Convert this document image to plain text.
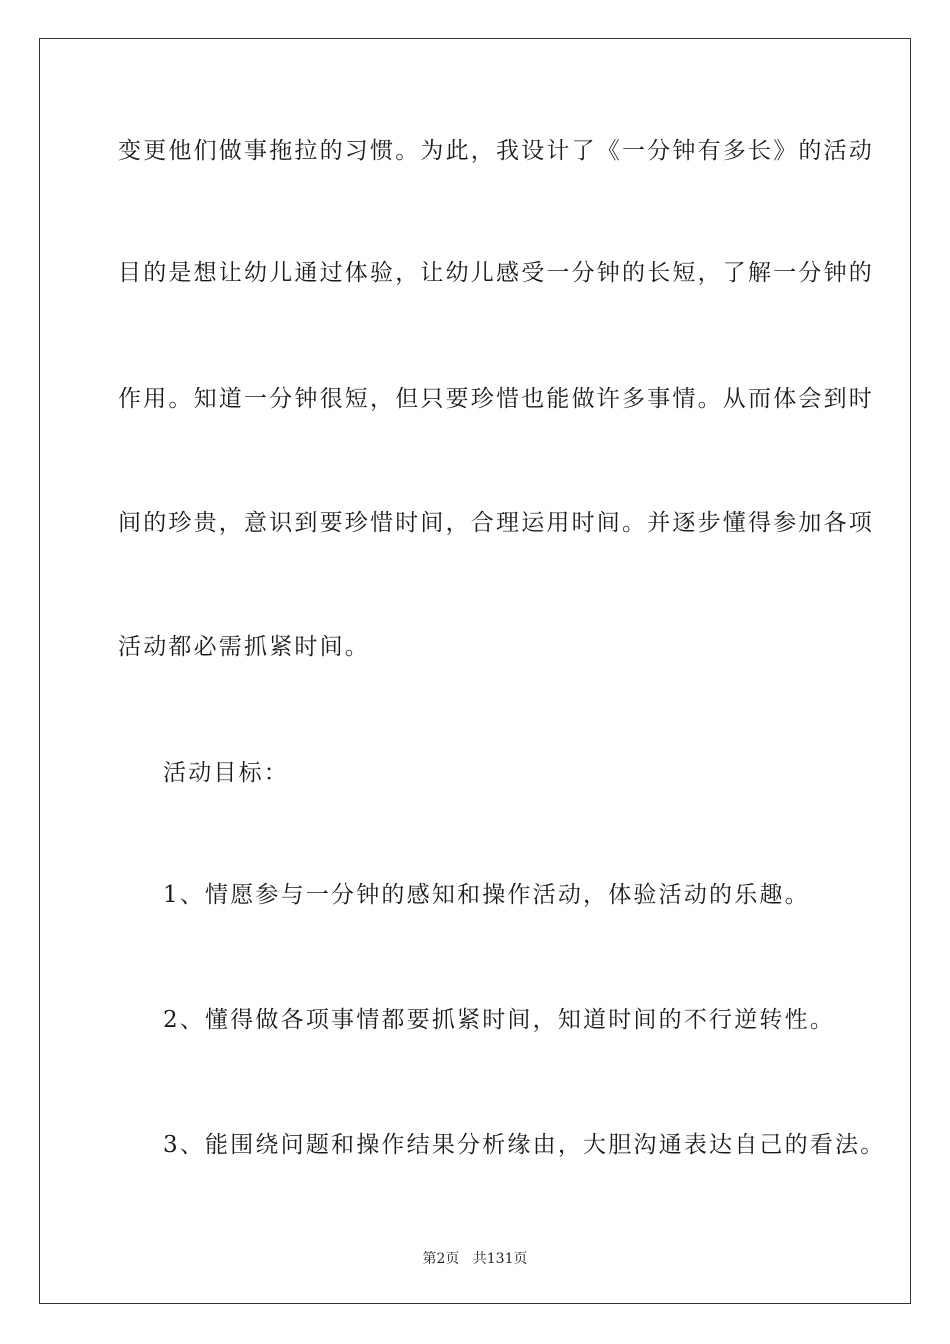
变更他们做事拖拉的习惯。为此，我设计了《一分钟有多长》的活动
目的是想让幼儿通过体验，让幼儿感受一分钟的长短，了解一分钟的
作用。知道一分钟很短，但只要珍惜也能做许多事情。从而体会到时
间的珍贵，意识到要珍惜时间，合理运用时间。并逐步懂得参加各项
活动都必需抓紧时间。
活动目标：
1、情愿参与一分钟的感知和操作活动，体验活动的乐趣。
2、懂得做各项事情都要抓紧时间，知道时间的不行逆转性。
3、能围绕问题和操作结果分析缘由，大胆沟通表达自己的看法。
第2页 共131页
